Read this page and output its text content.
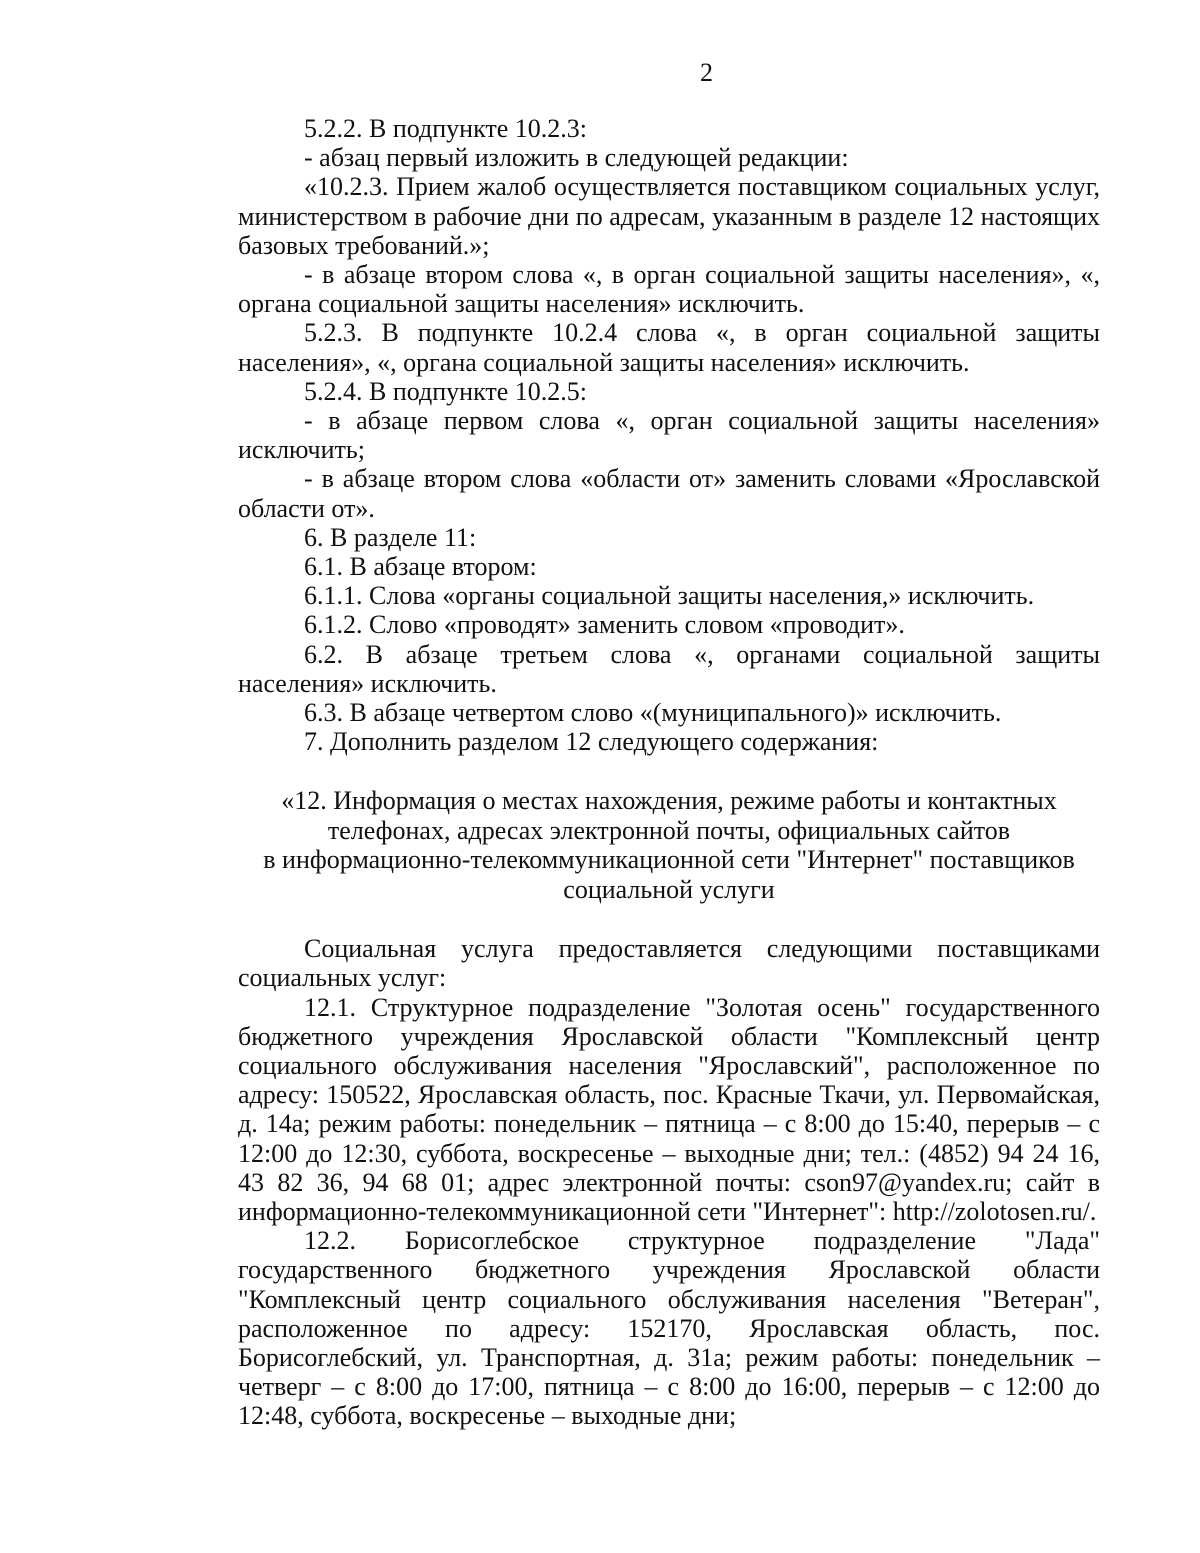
2

5.2.2. В подпункте 10.2.3:

- абзац первый изложить в следующей редакции:

«10.2.3. Прием жалоб осуществляется поставщиком социальных услуг, министерством в рабочие дни по адресам, указанным в разделе 12 настоящих базовых требований.»;

- в абзаце втором слова «, в орган социальной защиты населения», «, органа социальной защиты населения» исключить.

5.2.3. В подпункте 10.2.4 слова «, в орган социальной защиты населения», «, органа социальной защиты населения» исключить.

5.2.4. В подпункте 10.2.5:

- в абзаце первом слова «, орган социальной защиты населения» исключить;

- в абзаце втором слова «области от» заменить словами «Ярославской области от».

6. В разделе 11:

6.1. В абзаце втором:

6.1.1. Слова «органы социальной защиты населения,» исключить.

6.1.2. Слово «проводят» заменить словом «проводит».

6.2. В абзаце третьем слова «, органами социальной защиты населения» исключить.

6.3. В абзаце четвертом слово «(муниципального)» исключить.

7. Дополнить разделом 12 следующего содержания:

«12. Информация о местах нахождения, режиме работы и контактных
телефонах, адресах электронной почты, официальных сайтов
в информационно-телекоммуникационной сети "Интернет" поставщиков
социальной услуги

Социальная услуга предоставляется следующими поставщиками социальных услуг:

12.1. Структурное подразделение "Золотая осень" государственного бюджетного учреждения Ярославской области "Комплексный центр социального обслуживания населения "Ярославский", расположенное по адресу: 150522, Ярославская область, пос. Красные Ткачи, ул. Первомайская, д. 14а; режим работы: понедельник – пятница – с 8:00 до 15:40, перерыв – с 12:00 до 12:30, суббота, воскресенье – выходные дни; тел.: (4852) 94 24 16, 43 82 36, 94 68 01; адрес электронной почты: cson97@yandex.ru; сайт в информационно-телекоммуникационной сети "Интернет": http://zolotosen.ru/.

12.2. Борисоглебское структурное подразделение "Лада" государственного бюджетного учреждения Ярославской области "Комплексный центр социального обслуживания населения "Ветеран", расположенное по адресу: 152170, Ярославская область, пос. Борисоглебский, ул. Транспортная, д. 31а; режим работы: понедельник – четверг – с 8:00 до 17:00, пятница – с 8:00 до 16:00, перерыв – с 12:00 до 12:48, суббота, воскресенье – выходные дни;
